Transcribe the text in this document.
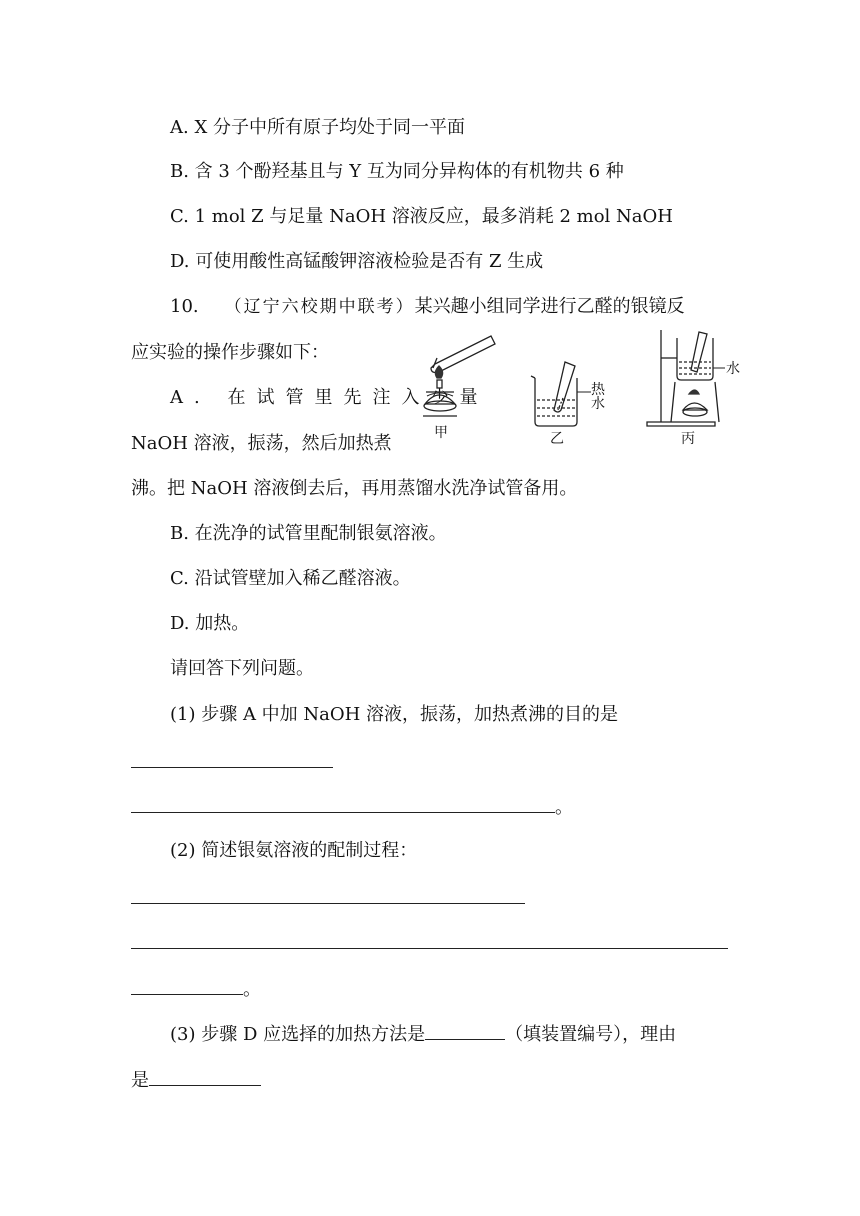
A. X 分子中所有原子均处于同一平面
B. 含 3 个酚羟基且与 Y 互为同分异构体的有机物共 6 种
C. 1 mol Z 与足量 NaOH 溶液反应，最多消耗 2 mol NaOH
D. 可使用酸性高锰酸钾溶液检验是否有 Z 生成
10. （辽宁六校期中联考）某兴趣小组同学进行乙醛的银镜反
应实验的操作步骤如下：
A. 在试管里先注入少量
NaOH 溶液，振荡，然后加热煮
沸。把 NaOH 溶液倒去后，再用蒸馏水洗净试管备用。
B. 在洗净的试管里配制银氨溶液。
C. 沿试管壁加入稀乙醛溶液。
D. 加热。
请回答下列问题。
(1) 步骤 A 中加 NaOH 溶液，振荡，加热煮沸的目的是
。
(2) 简述银氨溶液的配制过程：
。
(3) 步骤 D 应选择的加热方法是	（填装置编号），理由
是
甲
热
水
乙
水
丙
